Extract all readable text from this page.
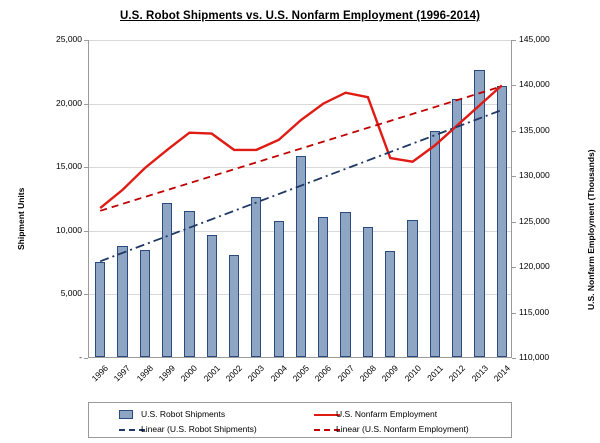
U.S. Robot Shipments vs. U.S. Nonfarm Employment (1996-2014)
Shipment Units	U.S. Nonfarm Employment (Thousands)
-
5,000
10,000
15,000
20,000
25,000
110,000
115,000
120,000
125,000
130,000
135,000
140,000
145,000
1996 1997 1998 1999 2000 2001 2002 2003 2004 2005 2006 2007 2008 2009 2010 2011 2012 2013 2014
U.S. Robot Shipments	U.S. Nonfarm Employment
Linear (U.S. Robot Shipments)	Linear (U.S. Nonfarm Employment)
